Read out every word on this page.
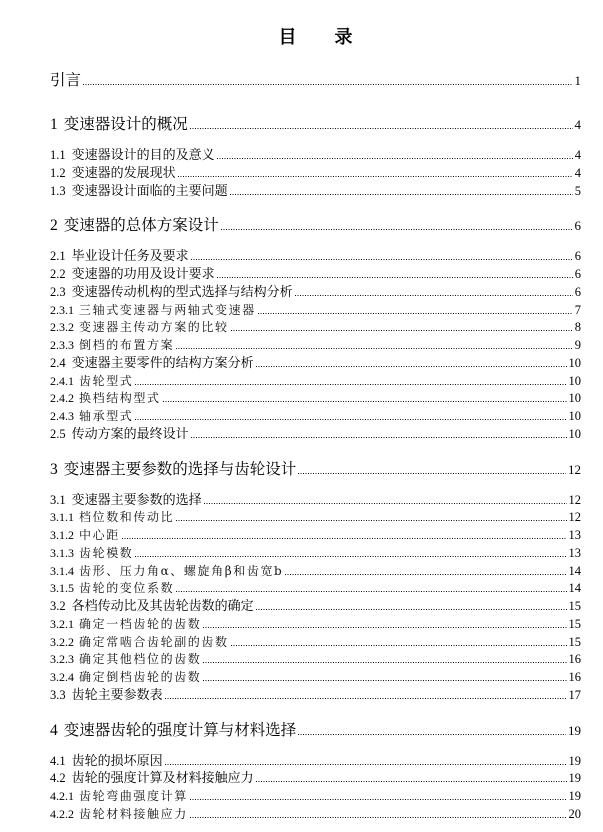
目　录
引言	1
1 变速器设计的概况	4
1.1 变速器设计的目的及意义	4
1.2 变速器的发展现状	4
1.3 变速器设计面临的主要问题	5
2 变速器的总体方案设计	6
2.1 毕业设计任务及要求	6
2.2 变速器的功用及设计要求	6
2.3 变速器传动机构的型式选择与结构分析	6
2.3.1 三轴式变速器与两轴式变速器	7
2.3.2 变速器主传动方案的比较	8
2.3.3 倒档的布置方案	9
2.4 变速器主要零件的结构方案分析	10
2.4.1 齿轮型式	10
2.4.2 换档结构型式	10
2.4.3 轴承型式	10
2.5 传动方案的最终设计	10
3 变速器主要参数的选择与齿轮设计	12
3.1 变速器主要参数的选择	12
3.1.1 档位数和传动比	12
3.1.2 中心距	13
3.1.3 齿轮模数	13
3.1.4 齿形、压力角α、螺旋角β和齿宽b	14
3.1.5 齿轮的变位系数	14
3.2 各档传动比及其齿轮齿数的确定	15
3.2.1 确定一档齿轮的齿数	15
3.2.2 确定常啮合齿轮副的齿数	15
3.2.3 确定其他档位的齿数	16
3.2.4 确定倒档齿轮的齿数	16
3.3 齿轮主要参数表	17
4 变速器齿轮的强度计算与材料选择	19
4.1 齿轮的损坏原因	19
4.2 齿轮的强度计算及材料接触应力	19
4.2.1 齿轮弯曲强度计算	19
4.2.2 齿轮材料接触应力	20
